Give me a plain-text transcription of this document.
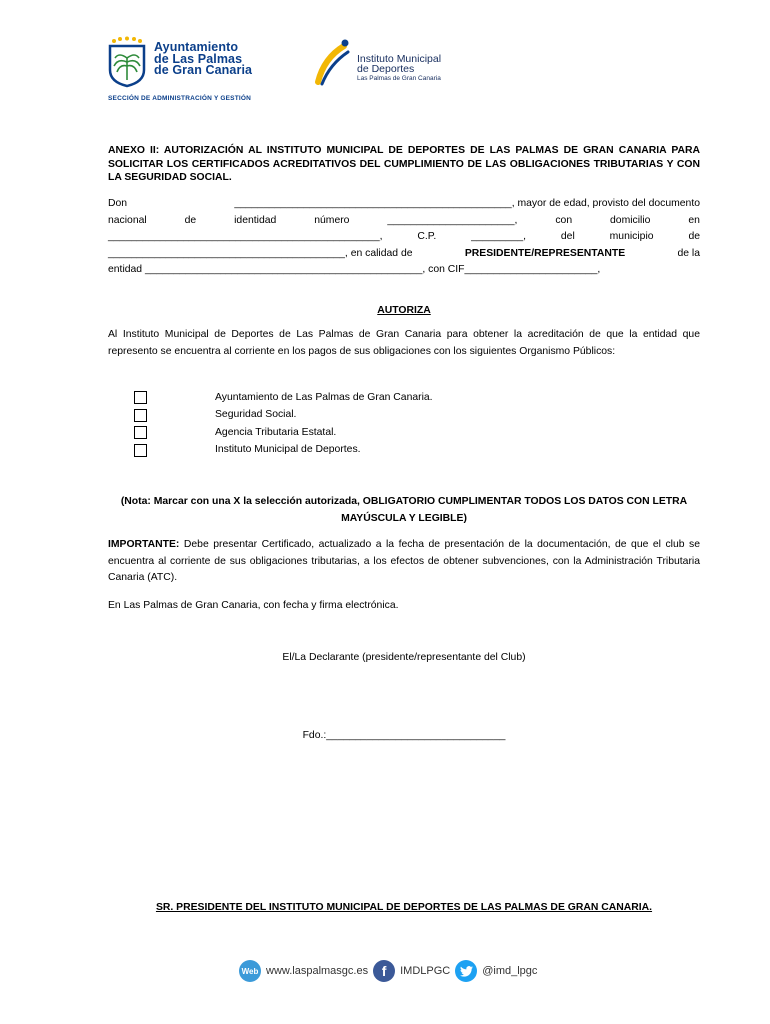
Ayuntamiento
de Las Palmas
de Gran Canaria
SECCIÓN DE ADMINISTRACIÓN Y GESTIÓN
Instituto Municipal
de Deportes
Las Palmas de Gran Canaria
ANEXO II: AUTORIZACIÓN AL INSTITUTO MUNICIPAL DE DEPORTES DE LAS PALMAS DE GRAN CANARIA PARA SOLICITAR LOS CERTIFICADOS ACREDITATIVOS DEL CUMPLIMIENTO DE LAS OBLIGACIONES TRIBUTARIAS Y CON LA SEGURIDAD SOCIAL.
Don	________________________________________________, mayor de edad, provisto del documento
nacional	de	identidad	número	______________________,	con	domicilio	en
_______________________________________________,	C.P.	_________,	del	municipio	de
_________________________________________, en calidad de	PRESIDENTE/REPRESENTANTE	de la
entidad ________________________________________________, con CIF_______________________,
AUTORIZA
Al Instituto Municipal de Deportes de Las Palmas de Gran Canaria para obtener la acreditación de que la entidad que represento se encuentra al corriente en los pagos de sus obligaciones con los siguientes Organismo Públicos:
Ayuntamiento de Las Palmas de Gran Canaria.
Seguridad Social.
Agencia Tributaria Estatal.
Instituto Municipal de Deportes.
(Nota: Marcar con una X la selección autorizada, OBLIGATORIO CUMPLIMENTAR TODOS LOS DATOS CON LETRA MAYÚSCULA Y LEGIBLE)
IMPORTANTE: Debe presentar Certificado, actualizado a la fecha de presentación de la documentación, de que el club se encuentra al corriente de sus obligaciones tributarias, a los efectos de obtener subvenciones, con la Administración Tributaria Canaria (ATC).
En Las Palmas de Gran Canaria, con fecha y firma electrónica.
El/La Declarante (presidente/representante del Club)
Fdo.:_______________________________
SR. PRESIDENTE DEL INSTITUTO MUNICIPAL DE DEPORTES DE LAS PALMAS DE GRAN CANARIA.
Web www.laspalmasgc.es f	IMDLPGC	@imd_lpgc
